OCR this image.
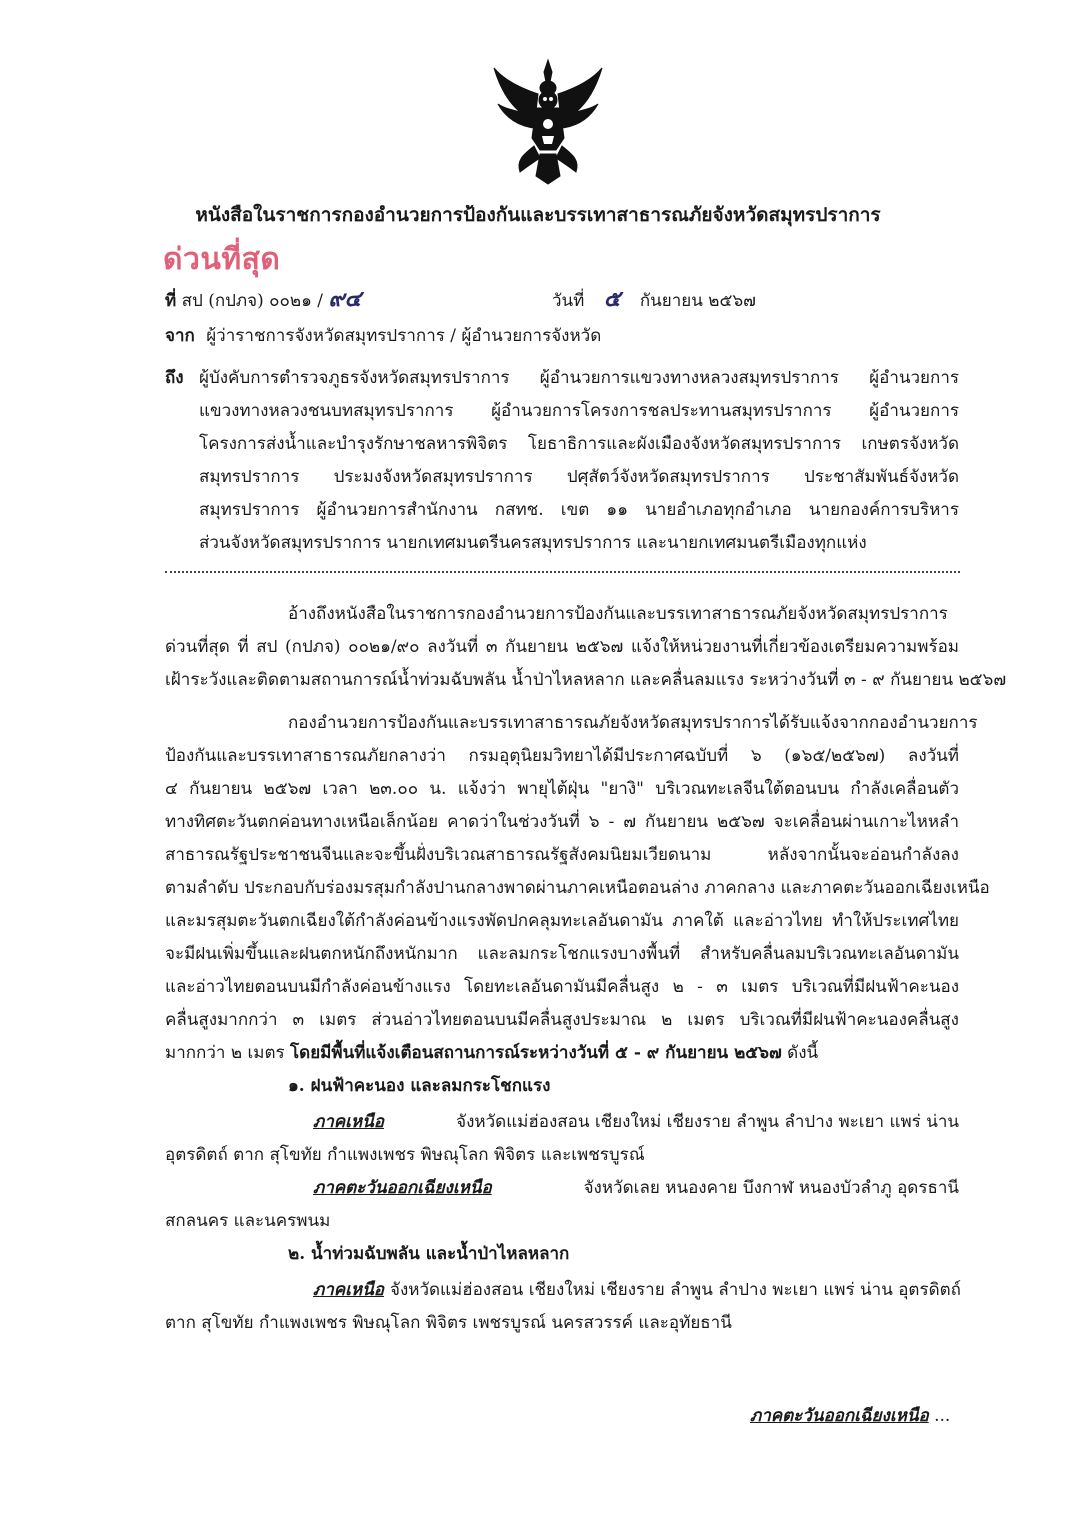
หนังสือในราชการกองอำนวยการป้องกันและบรรเทาสาธารณภัยจังหวัดสมุทรปราการ
ด่วนที่สุด
ที่ สป (กปภจ) ๐๐๒๑ / ๙๔	วันที่ ๕ กันยายน ๒๕๖๗
จาก ผู้ว่าราชการจังหวัดสมุทรปราการ / ผู้อำนวยการจังหวัด
ถึง ผู้บังคับการตำรวจภูธรจังหวัดสมุทรปราการ ผู้อำนวยการแขวงทางหลวงสมุทรปราการ ผู้อำนวยการ
แขวงทางหลวงชนบทสมุทรปราการ ผู้อำนวยการโครงการชลประทานสมุทรปราการ ผู้อำนวยการ
โครงการส่งน้ำและบำรุงรักษาชลหารพิจิตร โยธาธิการและผังเมืองจังหวัดสมุทรปราการ เกษตรจังหวัด
สมุทรปราการ ประมงจังหวัดสมุทรปราการ ปศุสัตว์จังหวัดสมุทรปราการ ประชาสัมพันธ์จังหวัด
สมุทรปราการ ผู้อำนวยการสำนักงาน กสทช. เขต ๑๑ นายอำเภอทุกอำเภอ นายกองค์การบริหาร
ส่วนจังหวัดสมุทรปราการ นายกเทศมนตรีนครสมุทรปราการ และนายกเทศมนตรีเมืองทุกแห่ง
อ้างถึงหนังสือในราชการกองอำนวยการป้องกันและบรรเทาสาธารณภัยจังหวัดสมุทรปราการ
ด่วนที่สุด ที่ สป (กปภจ) ๐๐๒๑/๙๐ ลงวันที่ ๓ กันยายน ๒๕๖๗ แจ้งให้หน่วยงานที่เกี่ยวข้องเตรียมความพร้อม
เฝ้าระวังและติดตามสถานการณ์น้ำท่วมฉับพลัน น้ำป่าไหลหลาก และคลื่นลมแรง ระหว่างวันที่ ๓ - ๙ กันยายน ๒๕๖๗
กองอำนวยการป้องกันและบรรเทาสาธารณภัยจังหวัดสมุทรปราการได้รับแจ้งจากกองอำนวยการ
ป้องกันและบรรเทาสาธารณภัยกลางว่า กรมอุตุนิยมวิทยาได้มีประกาศฉบับที่ ๖ (๑๖๕/๒๕๖๗) ลงวันที่
๔ กันยายน ๒๕๖๗ เวลา ๒๓.๐๐ น. แจ้งว่า พายุไต้ฝุ่น "ยางิ" บริเวณทะเลจีนใต้ตอนบน กำลังเคลื่อนตัว
ทางทิศตะวันตกค่อนทางเหนือเล็กน้อย คาดว่าในช่วงวันที่ ๖ - ๗ กันยายน ๒๕๖๗ จะเคลื่อนผ่านเกาะไหหลำ
สาธารณรัฐประชาชนจีนและจะขึ้นฝั่งบริเวณสาธารณรัฐสังคมนิยมเวียดนาม หลังจากนั้นจะอ่อนกำลังลง
ตามลำดับ ประกอบกับร่องมรสุมกำลังปานกลางพาดผ่านภาคเหนือตอนล่าง ภาคกลาง และภาคตะวันออกเฉียงเหนือ
และมรสุมตะวันตกเฉียงใต้กำลังค่อนข้างแรงพัดปกคลุมทะเลอันดามัน ภาคใต้ และอ่าวไทย ทำให้ประเทศไทย
จะมีฝนเพิ่มขึ้นและฝนตกหนักถึงหนักมาก และลมกระโชกแรงบางพื้นที่ สำหรับคลื่นลมบริเวณทะเลอันดามัน
และอ่าวไทยตอนบนมีกำลังค่อนข้างแรง โดยทะเลอันดามันมีคลื่นสูง ๒ - ๓ เมตร บริเวณที่มีฝนฟ้าคะนอง
คลื่นสูงมากกว่า ๓ เมตร ส่วนอ่าวไทยตอนบนมีคลื่นสูงประมาณ ๒ เมตร บริเวณที่มีฝนฟ้าคะนองคลื่นสูง
มากกว่า ๒ เมตร โดยมีพื้นที่แจ้งเตือนสถานการณ์ระหว่างวันที่ ๕ - ๙ กันยายน ๒๕๖๗ ดังนี้
๑. ฝนฟ้าคะนอง และลมกระโชกแรง
ภาคเหนือ	จังหวัดแม่ฮ่องสอน เชียงใหม่ เชียงราย ลำพูน ลำปาง พะเยา แพร่ น่าน
อุตรดิตถ์ ตาก สุโขทัย กำแพงเพชร พิษณุโลก พิจิตร และเพชรบูรณ์
ภาคตะวันออกเฉียงเหนือ	จังหวัดเลย หนองคาย บึงกาฬ หนองบัวลำภู อุดรธานี
สกลนคร และนครพนม
๒. น้ำท่วมฉับพลัน และน้ำป่าไหลหลาก
ภาคเหนือ จังหวัดแม่ฮ่องสอน เชียงใหม่ เชียงราย ลำพูน ลำปาง พะเยา แพร่ น่าน อุตรดิตถ์
ตาก สุโขทัย กำแพงเพชร พิษณุโลก พิจิตร เพชรบูรณ์ นครสวรรค์ และอุทัยธานี
ภาคตะวันออกเฉียงเหนือ ...
